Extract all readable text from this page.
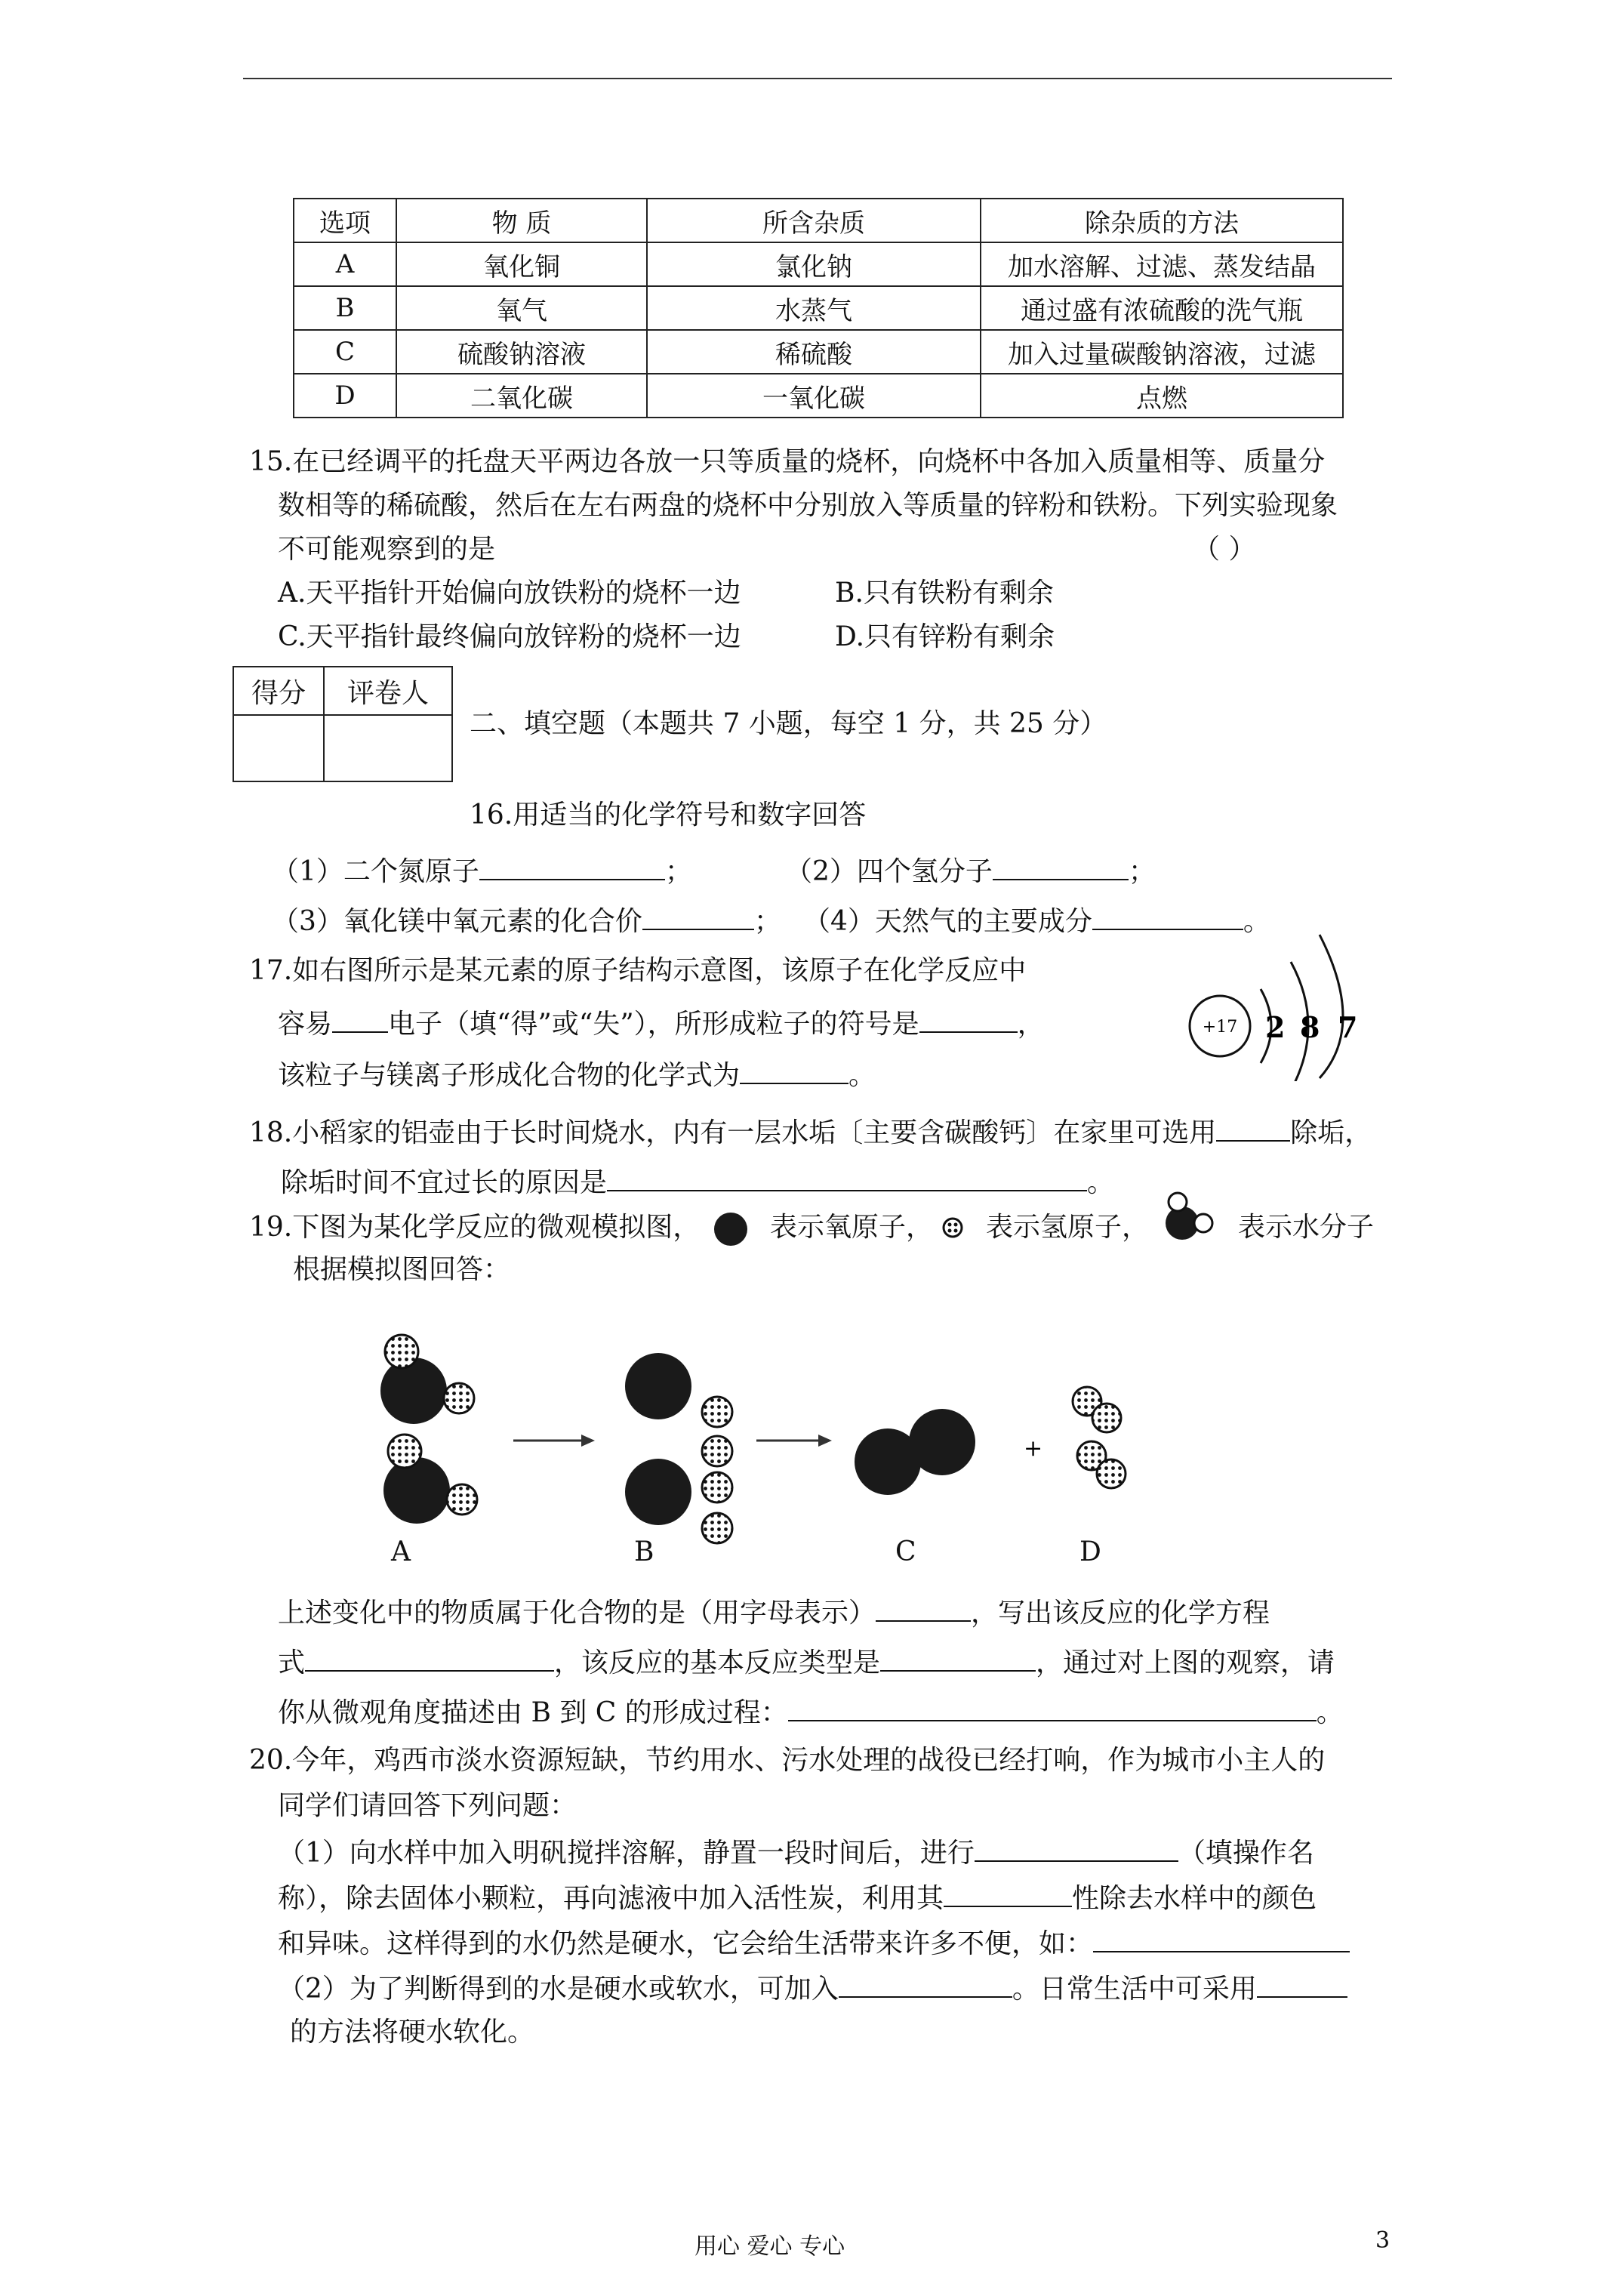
选项	物 质	所含杂质	除杂质的方法
A	氧化铜	氯化钠	加水溶解、过滤、蒸发结晶
B	氧气	水蒸气	通过盛有浓硫酸的洗气瓶
C	硫酸钠溶液	稀硫酸	加入过量碳酸钠溶液，过滤
D	二氧化碳	一氧化碳	点燃
15.在已经调平的托盘天平两边各放一只等质量的烧杯，向烧杯中各加入质量相等、质量分
数相等的稀硫酸，然后在左右两盘的烧杯中分别放入等质量的锌粉和铁粉。下列实验现象
不可能观察到的是	（ ）
A.天平指针开始偏向放铁粉的烧杯一边	B.只有铁粉有剩余
C.天平指针最终偏向放锌粉的烧杯一边	D.只有锌粉有剩余
得分	评卷人

二、填空题（本题共 7 小题，每空 1 分，共 25 分）
16.用适当的化学符号和数字回答
（1）二个氮原子	；	（2）四个氢分子	；
（3）氧化镁中氧元素的化合价	； （4）天然气的主要成分	。
17.如右图所示是某元素的原子结构示意图，该原子在化学反应中
容易 电子（填“得”或“失”），所形成粒子的符号是	，
该粒子与镁离子形成化合物的化学式为	。
+17 2 8 7
18.小稻家的铝壶由于长时间烧水，内有一层水垢〔主要含碳酸钙〕在家里可选用	除垢，
除垢时间不宜过长的原因是	。
19.下图为某化学反应的微观模拟图，	表示氧原子， 表示氢原子，	表示水分子
根据模拟图回答：
+
A	B	C	D
上述变化中的物质属于化合物的是（用字母表示）	，写出该反应的化学方程
式	，该反应的基本反应类型是	，通过对上图的观察，请
你从微观角度描述由 B 到 C 的形成过程：	。
20.今年，鸡西市淡水资源短缺，节约用水、污水处理的战役已经打响，作为城市小主人的
同学们请回答下列问题：
（1）向水样中加入明矾搅拌溶解，静置一段时间后，进行	（填操作名
称），除去固体小颗粒，再向滤液中加入活性炭，利用其	性除去水样中的颜色
和异味。这样得到的水仍然是硬水，它会给生活带来许多不便，如：
（2）为了判断得到的水是硬水或软水，可加入	。日常生活中可采用
的方法将硬水软化。
用心 爱心 专心	3
